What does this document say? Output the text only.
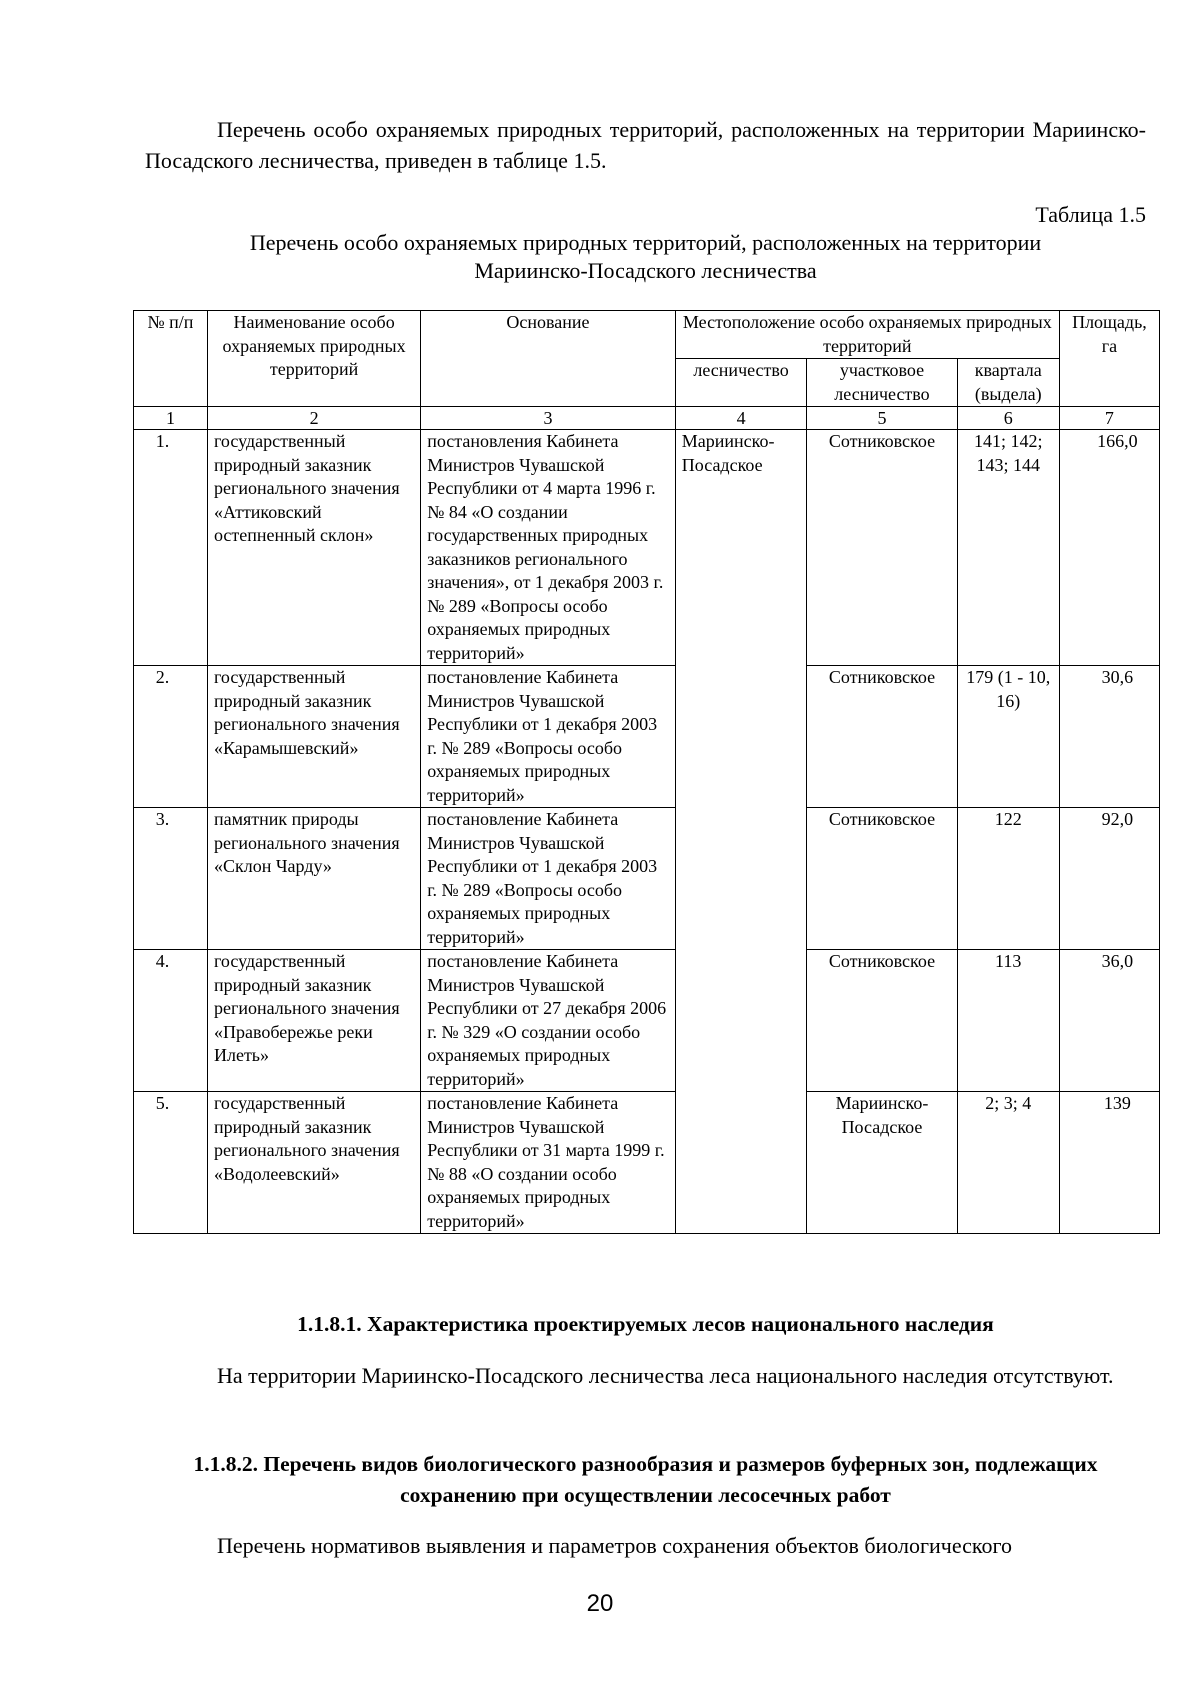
Перечень особо охраняемых природных территорий, расположенных на территории Мариинско-Посадского лесничества, приведен в таблице 1.5.

Таблица 1.5

Перечень особо охраняемых природных территорий, расположенных на территории
Мариинско-Посадского лесничества

№ п/п	Наименование особо охраняемых природных территорий	Основание	Местоположение особо охраняемых природных территорий			Площадь, га
			лесничество	участковое лесничество	квартала (выдела)	
1	2	3	4	5	6	7
1.	государственный природный заказник регионального значения «Аттиковский остепненный склон»	постановления Кабинета Министров Чувашской Республики от 4 марта 1996 г. № 84 «О создании государственных природных заказников регионального значения», от 1 декабря 2003 г. № 289 «Вопросы особо охраняемых природных территорий»	Мариинско-Посадское	Сотниковское	141; 142; 143; 144	166,0
2.	государственный природный заказник регионального значения «Карамышевский»	постановление Кабинета Министров Чувашской Республики от 1 декабря 2003 г. № 289 «Вопросы особо охраняемых природных территорий»		Сотниковское	179 (1 - 10, 16)	30,6
3.	памятник природы регионального значения «Склон Чарду»	постановление Кабинета Министров Чувашской Республики от 1 декабря 2003 г. № 289 «Вопросы особо охраняемых природных территорий»		Сотниковское	122	92,0
4.	государственный природный заказник регионального значения «Правобережье реки Илеть»	постановление Кабинета Министров Чувашской Республики от 27 декабря 2006 г. № 329 «О создании особо охраняемых природных территорий»		Сотниковское	113	36,0
5.	государственный природный заказник регионального значения «Водолеевский»	постановление Кабинета Министров Чувашской Республики от 31 марта 1999 г. № 88 «О создании особо охраняемых природных территорий»		Мариинско-Посадское	2; 3; 4	139
1.1.8.1. Характеристика проектируемых лесов национального наследия

На территории Мариинско-Посадского лесничества леса национального наследия отсутствуют.

1.1.8.2. Перечень видов биологического разнообразия и размеров буферных зон, подлежащих сохранению при осуществлении лесосечных работ

Перечень нормативов выявления и параметров сохранения объектов биологического

20
